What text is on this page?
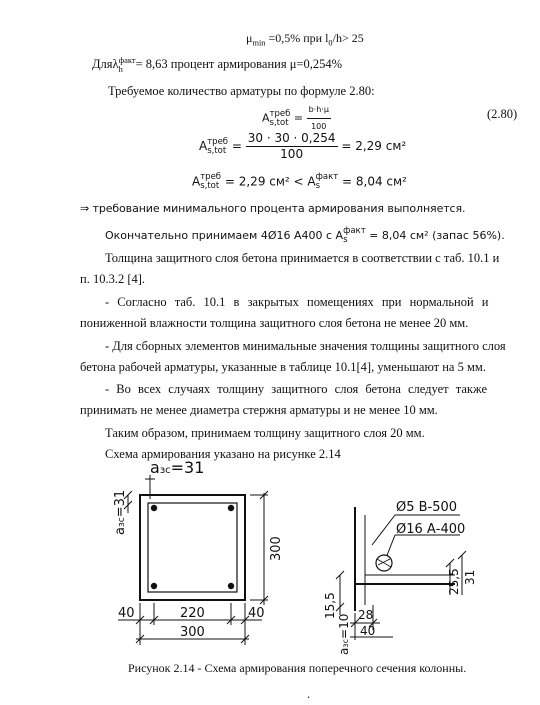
$\mu_{min} =0,5\%$ при $l_0/h> 25$
Дляλ факт
h	= 8,63 процент армирования μ=0,254%
Требуемое количество арматуры по формуле 2.80:
A треб
$s,tot = \frac{b\cdot h\cdot\mu}{100}$	(2.80)
A треб
$s,tot = \frac{30 \cdot 30 \cdot 0,254}{100} = 2,29$ см²
A треб
s,tot = 2,29 см² < A факт
s	= 8,04 см²
⇒ требование минимального процента армирования выполняется.
Окончательно принимаем 4Ø16 А400 с A факт
s	= 8,04 см² (запас 56%).
Толщина защитного слоя бетона принимается в соответствии с таб. 10.1 и
п. 10.3.2 [4].
- Согласно таб. 10.1 в закрытых помещениях при нормальной и
пониженной влажности толщина защитного слоя бетона не менее 20 мм.
- Для сборных элементов минимальные значения толщины защитного слоя
бетона рабочей арматуры, указанные в таблице 10.1[4], уменьшают на 5 мм.
- Во всех случаях толщину защитного слоя бетона следует также
принимать не менее диаметра стержня арматуры и не менее 10 мм.
Таким образом, принимаем толщину защитного слоя 20 мм.
Схема армирования указано на рисунке 2.14
aзс=31
aзс=31
300
40	220	40
300
Ø5 В-500
Ø16 А-400
25,5 31
15,5
aзс=10 28
40
Рисунок 2.14 - Схема армирования поперечного сечения колонны.
.
